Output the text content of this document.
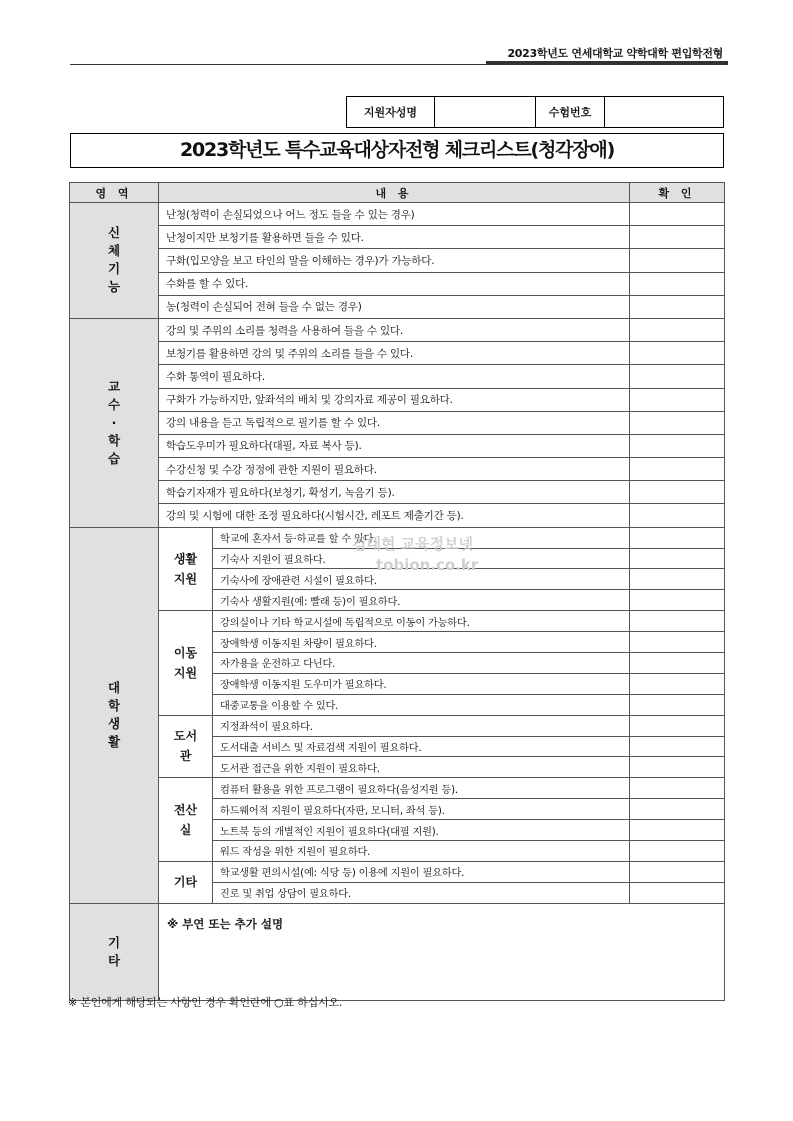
2023학년도 연세대학교 약학대학 편입학전형
지원자성명		수험번호	
2023학년도 특수교육대상자전형 체크리스트(청각장애)
영 역	내 용		확 인
신체기능	난청(청력이 손실되었으나 어느 정도 들을 수 있는 경우)		
	난청이지만 보청기를 활용하면 들을 수 있다.		
	구화(입모양을 보고 타인의 말을 이해하는 경우)가 가능하다.		
	수화를 할 수 있다.		
	농(청력이 손실되어 전혀 들을 수 없는 경우)		
교수·학습	강의 및 주위의 소리를 청력을 사용하여 들을 수 있다.		
	보청기를 활용하면 강의 및 주위의 소리를 들을 수 있다.		
	수화 통역이 필요하다.		
	구화가 가능하지만, 앞좌석의 배치 및 강의자료 제공이 필요하다.		
	강의 내용을 듣고 독립적으로 필기를 할 수 있다.		
	학습도우미가 필요하다(대필, 자료 복사 등).		
	수강신청 및 수강 정정에 관한 지원이 필요하다.		
	학습기자재가 필요하다(보청기, 확성기, 녹음기 등).		
	강의 및 시험에 대한 조정 필요하다(시험시간, 레포트 제출기간 등).		
대학생활	생활지원	학교에 혼자서 등·하교를 할 수 있다.	
		기숙사 지원이 필요하다.	
		기숙사에 장애관련 시설이 필요하다.	
		기숙사 생활지원(예: 빨래 등)이 필요하다.	
	이동지원	강의실이나 기타 학교시설에 독립적으로 이동이 가능하다.	
		장애학생 이동지원 차량이 필요하다.	
		자가용을 운전하고 다닌다.	
		장애학생 이동지원 도우미가 필요하다.	
		대중교통을 이용할 수 있다.	
	도서관	지정좌석이 필요하다.	
		도서대출 서비스 및 자료검색 지원이 필요하다.	
		도서관 접근을 위한 지원이 필요하다.	
	전산실	컴퓨터 활용을 위한 프로그램이 필요하다(음성지원 등).	
		하드웨어적 지원이 필요하다(자판, 모니터, 좌석 등).	
		노트북 등의 개별적인 지원이 필요하다(대필 지원).	
		워드 작성을 위한 지원이 필요하다.	
	기타	학교생활 편의시설(예: 식당 등) 이용에 지원이 필요하다.	
		진로 및 취업 상담이 필요하다.	
기타	※ 부연 또는 추가 설명		
김대현 교육정보넷
tobion.co.kr
※ 본인에게 해당되는 사항인 경우 확인란에 ○표 하십시오.
